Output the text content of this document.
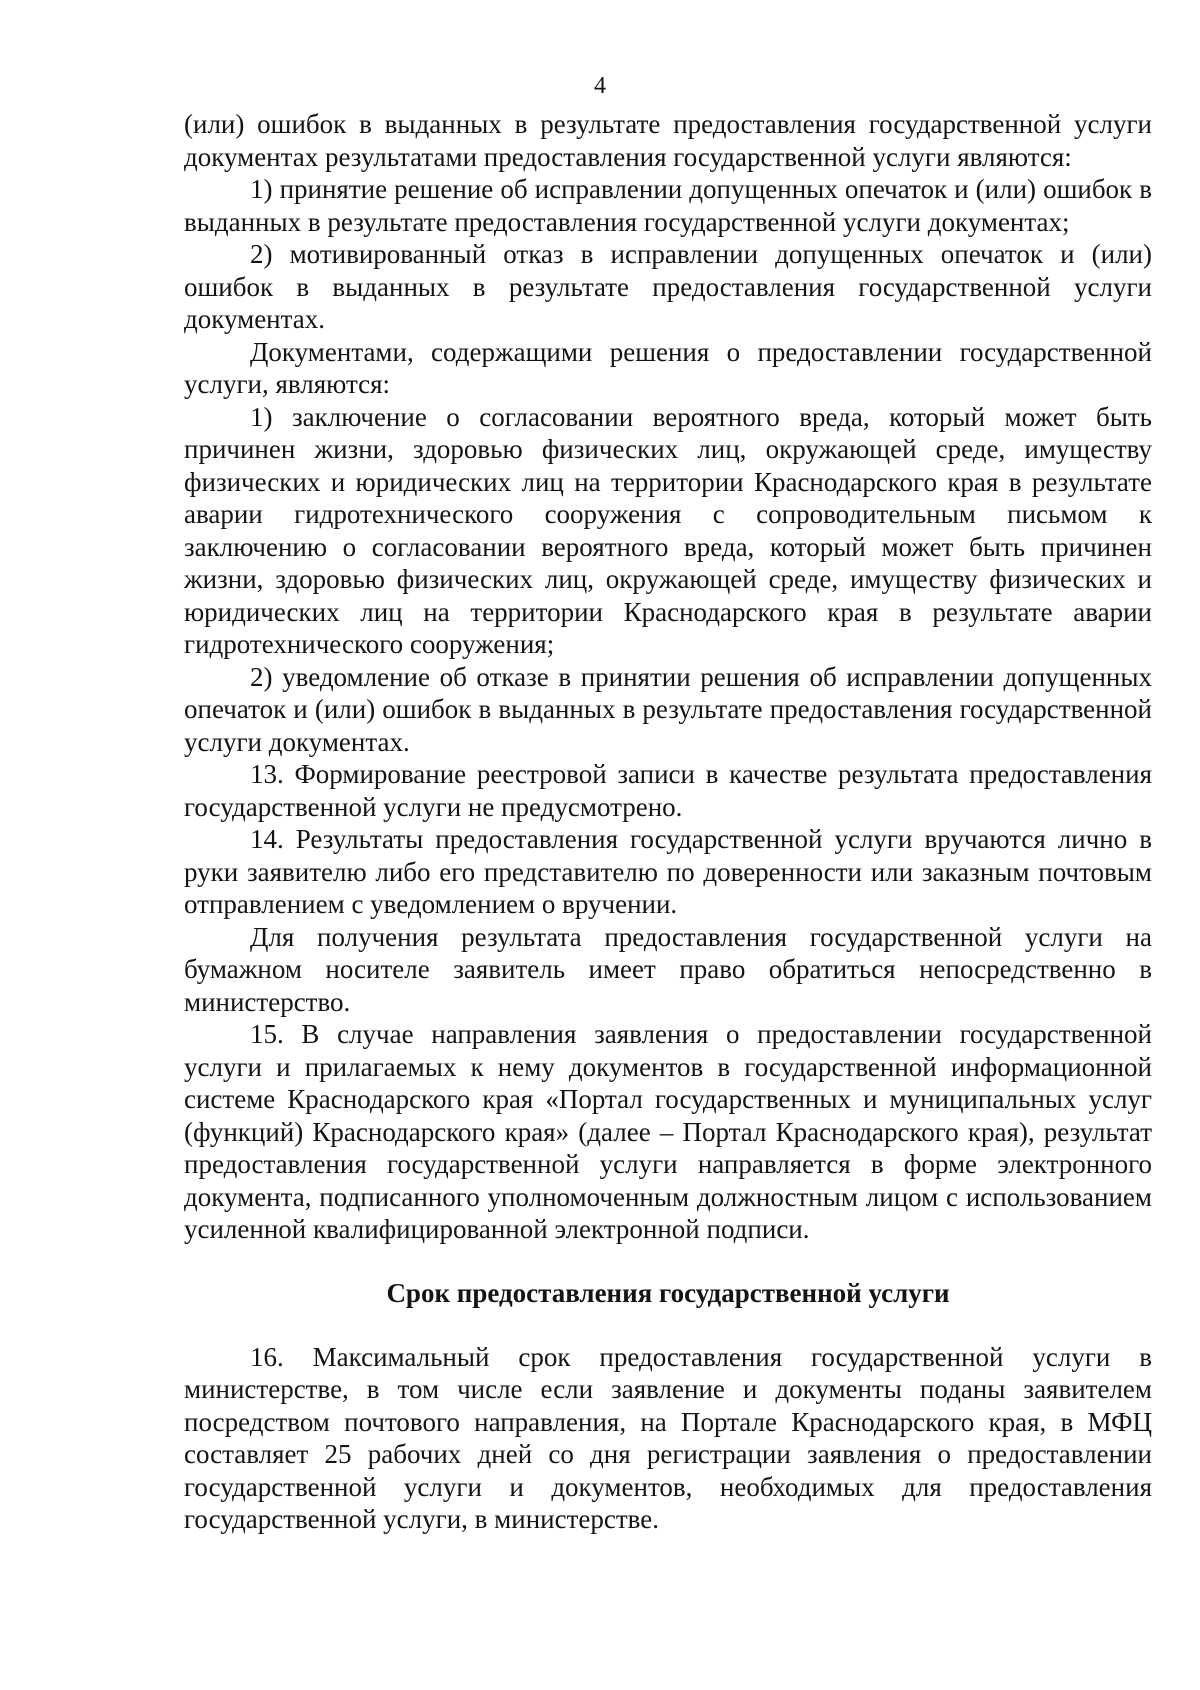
4

(или) ошибок в выданных в результате предоставления государственной услуги документах результатами предоставления государственной услуги являются:

1) принятие решение об исправлении допущенных опечаток и (или) ошибок в выданных в результате предоставления государственной услуги документах;

2) мотивированный отказ в исправлении допущенных опечаток и (или) ошибок в выданных в результате предоставления государственной услуги документах.

Документами, содержащими решения о предоставлении государственной услуги, являются:

1) заключение о согласовании вероятного вреда, который может быть причинен жизни, здоровью физических лиц, окружающей среде, имуществу физических и юридических лиц на территории Краснодарского края в результате аварии гидротехнического сооружения с сопроводительным письмом к заключению о согласовании вероятного вреда, который может быть причинен жизни, здоровью физических лиц, окружающей среде, имуществу физических и юридических лиц на территории Краснодарского края в результате аварии гидротехнического сооружения;

2) уведомление об отказе в принятии решения об исправлении допущенных опечаток и (или) ошибок в выданных в результате предоставления государственной услуги документах.

13. Формирование реестровой записи в качестве результата предоставления государственной услуги не предусмотрено.

14. Результаты предоставления государственной услуги вручаются лично в руки заявителю либо его представителю по доверенности или заказным почтовым отправлением с уведомлением о вручении.

Для получения результата предоставления государственной услуги на бумажном носителе заявитель имеет право обратиться непосредственно в министерство.

15. В случае направления заявления о предоставлении государственной услуги и прилагаемых к нему документов в государственной информационной системе Краснодарского края «Портал государственных и муниципальных услуг (функций) Краснодарского края» (далее – Портал Краснодарского края), результат предоставления государственной услуги направляется в форме электронного документа, подписанного уполномоченным должностным лицом с использованием усиленной квалифицированной электронной подписи.

Срок предоставления государственной услуги

16. Максимальный срок предоставления государственной услуги в министерстве, в том числе если заявление и документы поданы заявителем посредством почтового направления, на Портале Краснодарского края, в МФЦ составляет 25 рабочих дней со дня регистрации заявления о предоставлении государственной услуги и документов, необходимых для предоставления государственной услуги, в министерстве.
